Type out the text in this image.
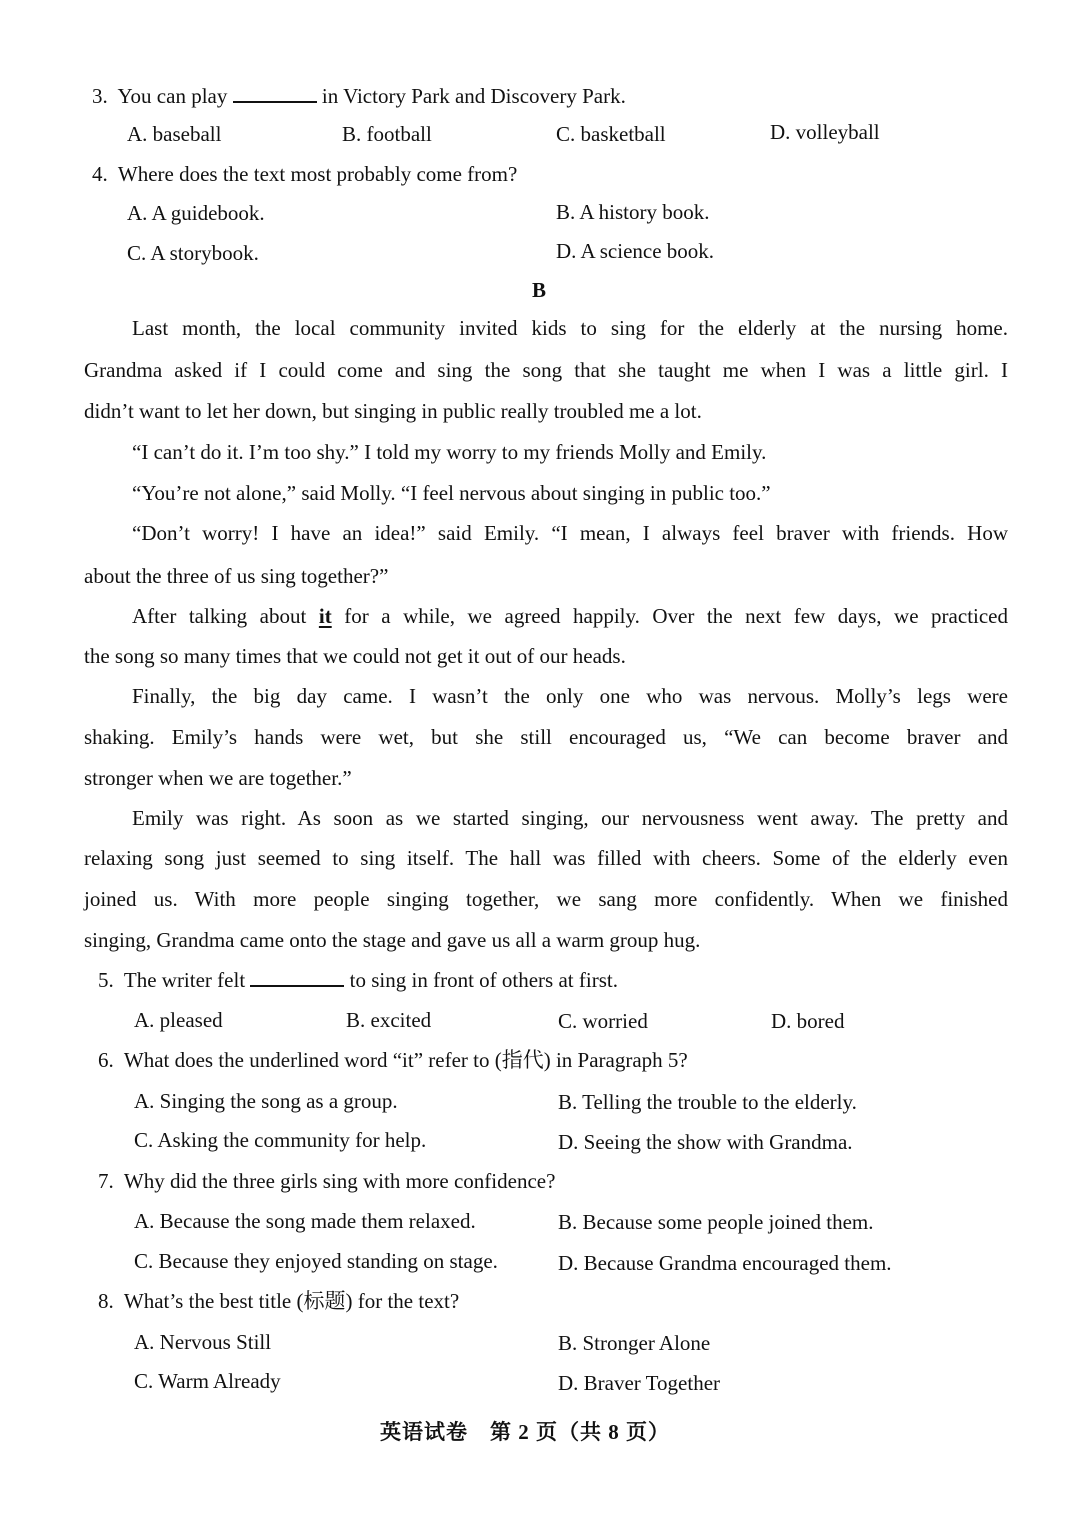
3. You can play	in Victory Park and Discovery Park.
A. baseball	B. football	C. basketball	D. volleyball
4. Where does the text most probably come from?
A. A guidebook.	B. A history book.
C. A storybook.	D. A science book.
B
Last month, the local community invited kids to sing for the elderly at the nursing home.
Grandma asked if I could come and sing the song that she taught me when I was a little girl. I
didn’t want to let her down, but singing in public really troubled me a lot.
“I can’t do it. I’m too shy.” I told my worry to my friends Molly and Emily.
“You’re not alone,” said Molly. “I feel nervous about singing in public too.”
“Don’t worry! I have an idea!” said Emily. “I mean, I always feel braver with friends. How
about the three of us sing together?”
After talking about it for a while, we agreed happily. Over the next few days, we practiced
the song so many times that we could not get it out of our heads.
Finally, the big day came. I wasn’t the only one who was nervous. Molly’s legs were
shaking. Emily’s hands were wet, but she still encouraged us, “We can become braver and
stronger when we are together.”
Emily was right. As soon as we started singing, our nervousness went away. The pretty and
relaxing song just seemed to sing itself. The hall was filled with cheers. Some of the elderly even
joined us. With more people singing together, we sang more confidently. When we finished
singing, Grandma came onto the stage and gave us all a warm group hug.
5. The writer felt	to sing in front of others at first.
A. pleased	B. excited	C. worried	D. bored
6. What does the underlined word “it” refer to (指代) in Paragraph 5?
A. Singing the song as a group.	B. Telling the trouble to the elderly.
C. Asking the community for help.	D. Seeing the show with Grandma.
7. Why did the three girls sing with more confidence?
A. Because the song made them relaxed.	B. Because some people joined them.
C. Because they enjoyed standing on stage.	D. Because Grandma encouraged them.
8. What’s the best title (标题) for the text?
A. Nervous Still	B. Stronger Alone
C. Warm Already	D. Braver Together
英语试卷　第 2 页（共 8 页）
